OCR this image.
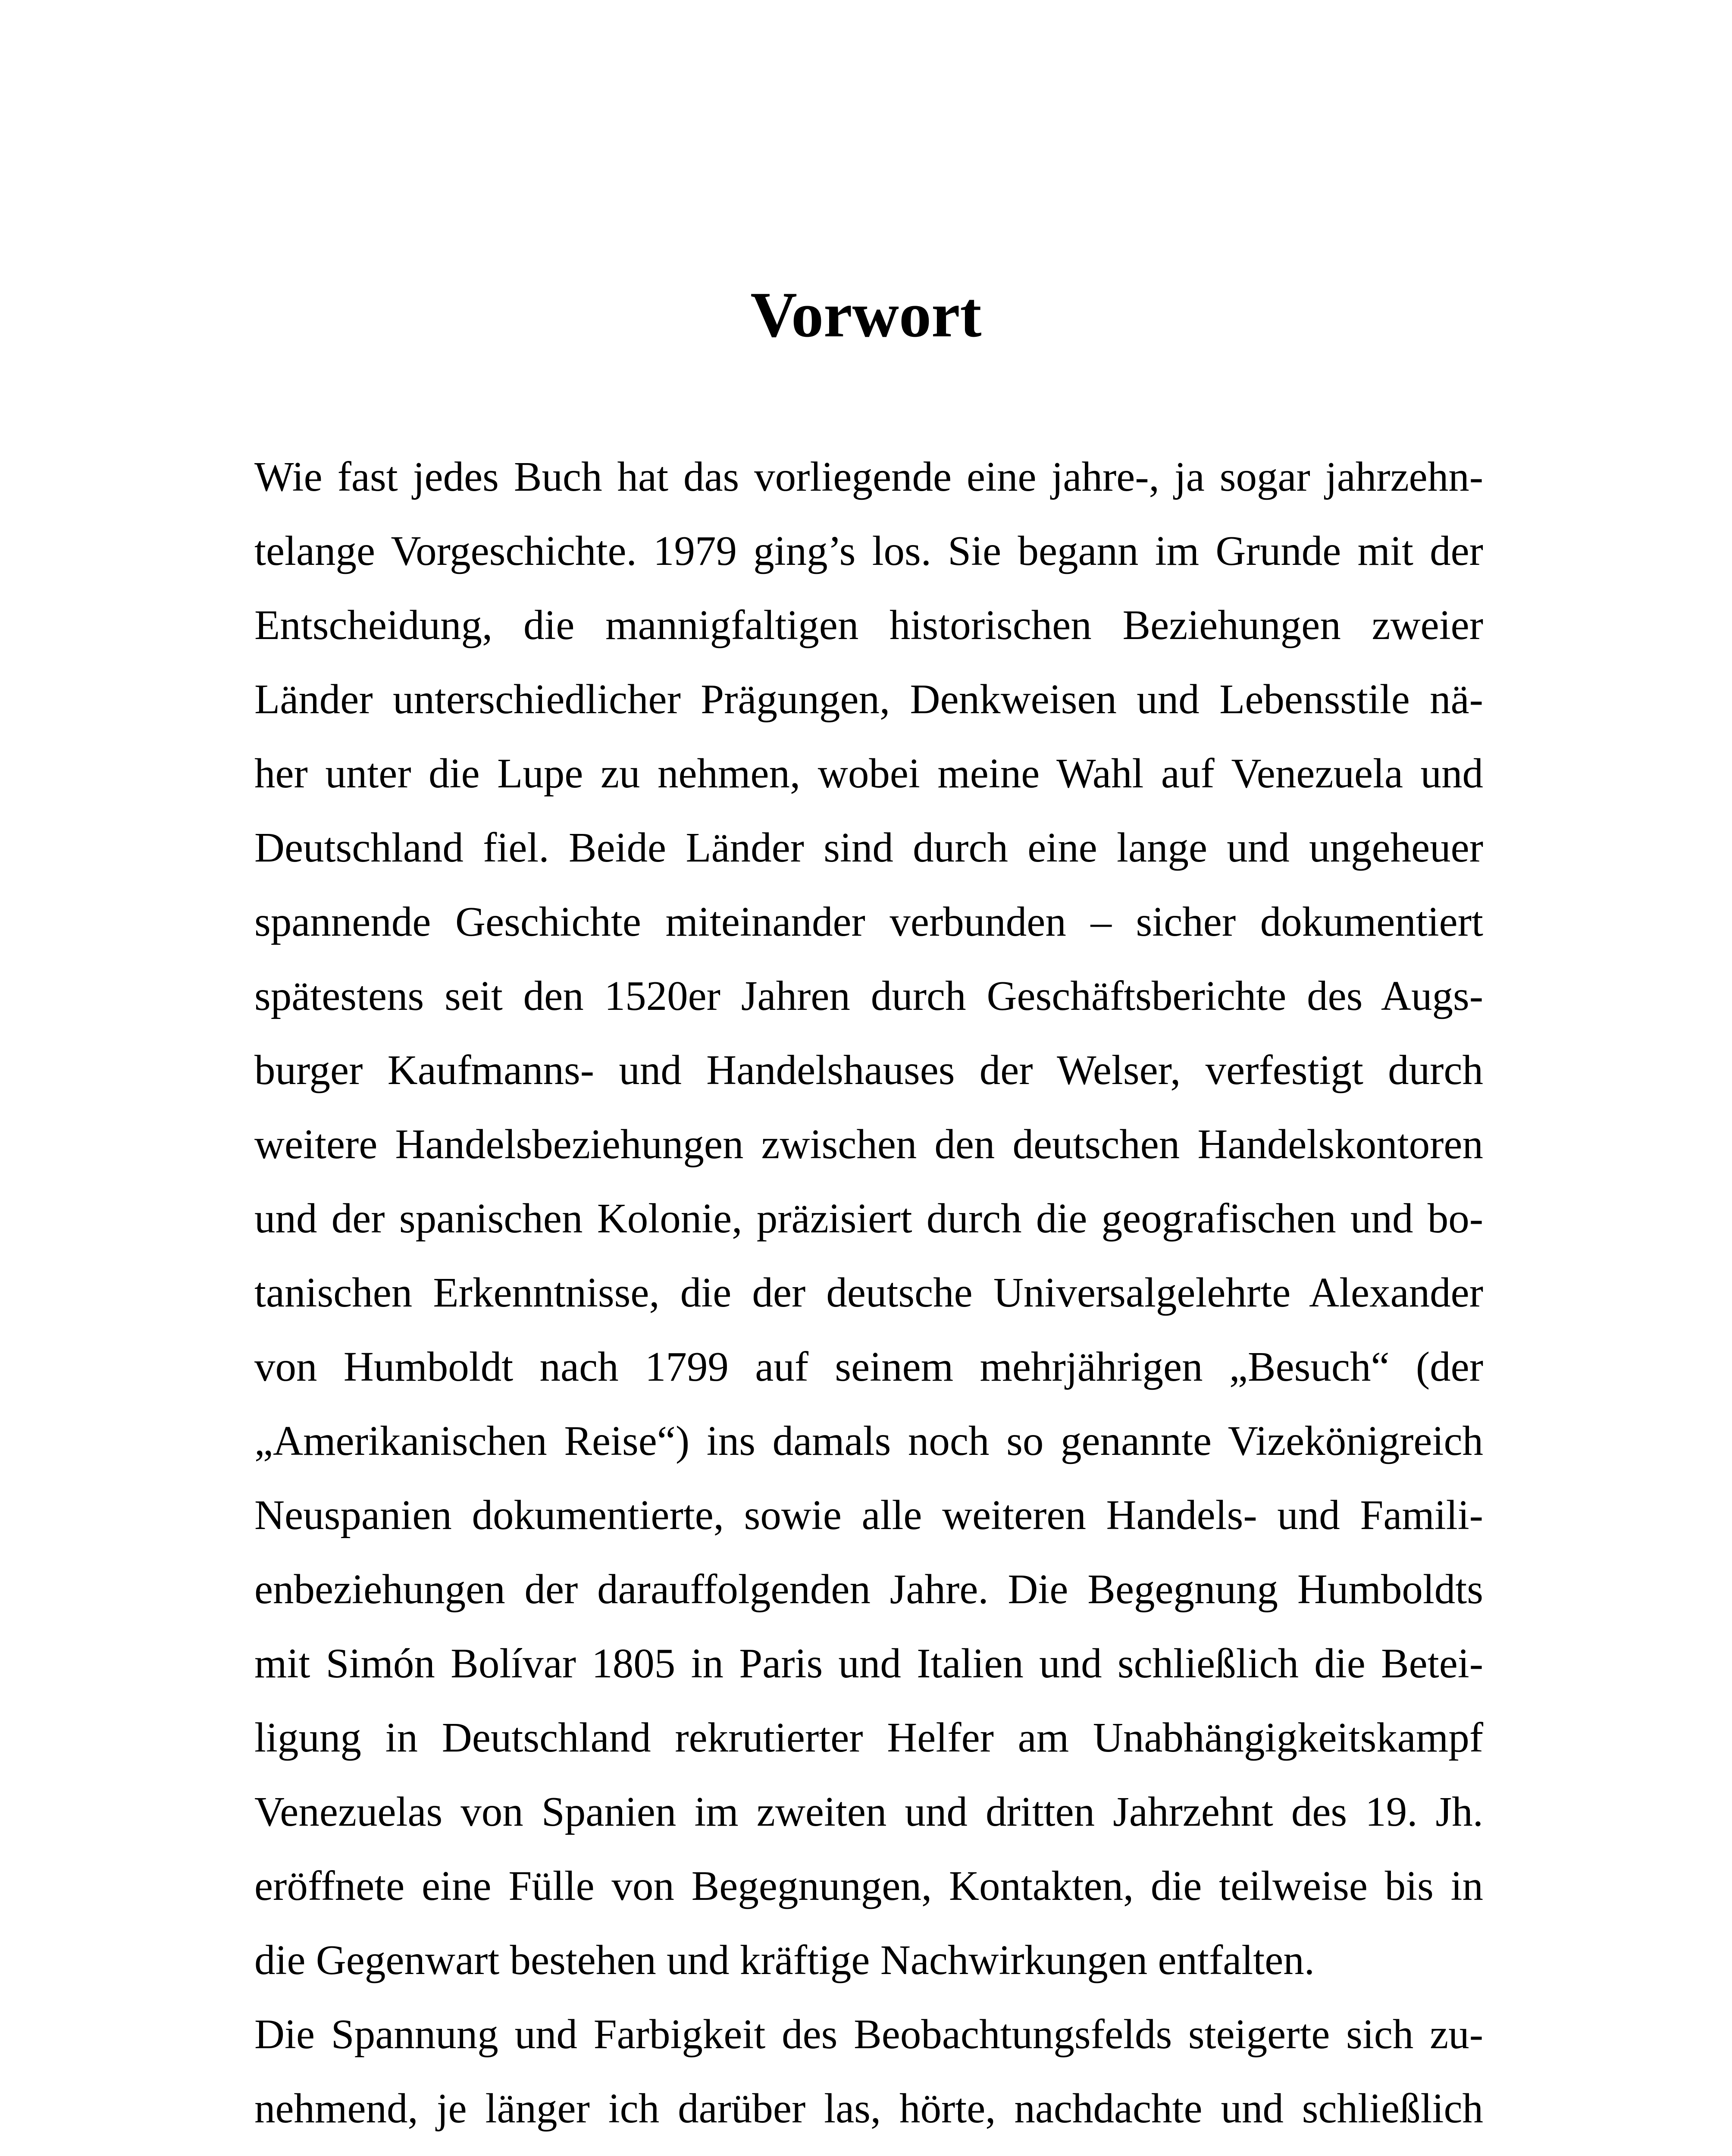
Vorwort
Wie fast jedes Buch hat das vorliegende eine jahre-, ja sogar jahrzehn-
telange Vorgeschichte. 1979 ging’s los. Sie begann im Grunde mit der
Entscheidung, die mannigfaltigen historischen Beziehungen zweier
Länder unterschiedlicher Prägungen, Denkweisen und Lebensstile nä-
her unter die Lupe zu nehmen, wobei meine Wahl auf Venezuela und
Deutschland fiel. Beide Länder sind durch eine lange und ungeheuer
spannende Geschichte miteinander verbunden – sicher dokumentiert
spätestens seit den 1520er Jahren durch Geschäftsberichte des Augs-
burger Kaufmanns- und Handelshauses der Welser, verfestigt durch
weitere Handelsbeziehungen zwischen den deutschen Handelskontoren
und der spanischen Kolonie, präzisiert durch die geografischen und bo-
tanischen Erkenntnisse, die der deutsche Universalgelehrte Alexander
von Humboldt nach 1799 auf seinem mehrjährigen „Besuch“ (der
„Amerikanischen Reise“) ins damals noch so genannte Vizekönigreich
Neuspanien dokumentierte, sowie alle weiteren Handels- und Famili-
enbeziehungen der darauffolgenden Jahre. Die Begegnung Humboldts
mit Simón Bolívar 1805 in Paris und Italien und schließlich die Betei-
ligung in Deutschland rekrutierter Helfer am Unabhängigkeitskampf
Venezuelas von Spanien im zweiten und dritten Jahrzehnt des 19. Jh.
eröffnete eine Fülle von Begegnungen, Kontakten, die teilweise bis in
die Gegenwart bestehen und kräftige Nachwirkungen entfalten.
Die Spannung und Farbigkeit des Beobachtungsfelds steigerte sich zu-
nehmend, je länger ich darüber las, hörte, nachdachte und schließlich
